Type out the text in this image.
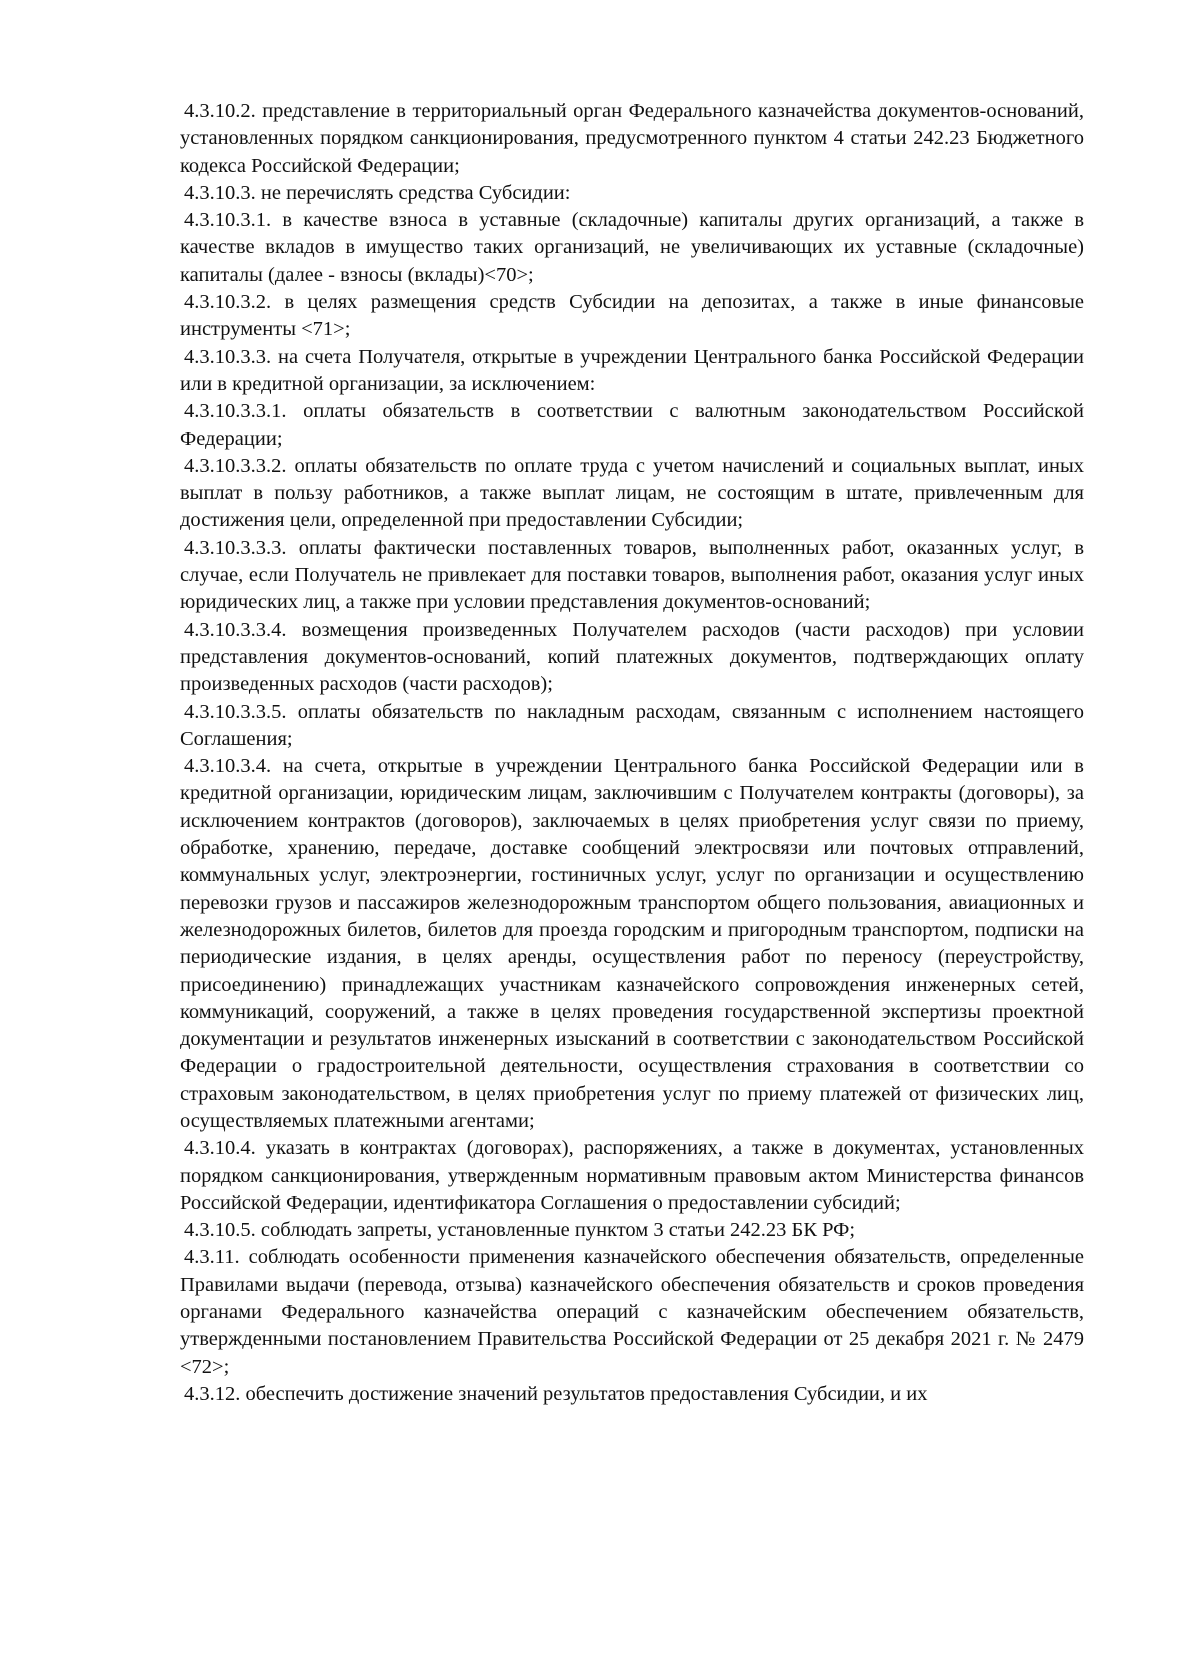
4.3.10.2. представление в территориальный орган Федерального казначейства документов-оснований, установленных порядком санкционирования, предусмотренного пунктом 4 статьи 242.23 Бюджетного кодекса Российской Федерации;

4.3.10.3. не перечислять средства Субсидии:

4.3.10.3.1. в качестве взноса в уставные (складочные) капиталы других организаций, а также в качестве вкладов в имущество таких организаций, не увеличивающих их уставные (складочные) капиталы (далее - взносы (вклады)<70>;

4.3.10.3.2. в целях размещения средств Субсидии на депозитах, а также в иные финансовые инструменты <71>;

4.3.10.3.3. на счета Получателя, открытые в учреждении Центрального банка Российской Федерации или в кредитной организации, за исключением:

4.3.10.3.3.1. оплаты обязательств в соответствии с валютным законодательством Российской Федерации;

4.3.10.3.3.2. оплаты обязательств по оплате труда с учетом начислений и социальных выплат, иных выплат в пользу работников, а также выплат лицам, не состоящим в штате, привлеченным для достижения цели, определенной при предоставлении Субсидии;

4.3.10.3.3.3. оплаты фактически поставленных товаров, выполненных работ, оказанных услуг, в случае, если Получатель не привлекает для поставки товаров, выполнения работ, оказания услуг иных юридических лиц, а также при условии представления документов-оснований;

4.3.10.3.3.4. возмещения произведенных Получателем расходов (части расходов) при условии представления документов-оснований, копий платежных документов, подтверждающих оплату произведенных расходов (части расходов);

4.3.10.3.3.5. оплаты обязательств по накладным расходам, связанным с исполнением настоящего Соглашения;

4.3.10.3.4. на счета, открытые в учреждении Центрального банка Российской Федерации или в кредитной организации, юридическим лицам, заключившим с Получателем контракты (договоры), за исключением контрактов (договоров), заключаемых в целях приобретения услуг связи по приему, обработке, хранению, передаче, доставке сообщений электросвязи или почтовых отправлений, коммунальных услуг, электроэнергии, гостиничных услуг, услуг по организации и осуществлению перевозки грузов и пассажиров железнодорожным транспортом общего пользования, авиационных и железнодорожных билетов, билетов для проезда городским и пригородным транспортом, подписки на периодические издания, в целях аренды, осуществления работ по переносу (переустройству, присоединению) принадлежащих участникам казначейского сопровождения инженерных сетей, коммуникаций, сооружений, а также в целях проведения государственной экспертизы проектной документации и результатов инженерных изысканий в соответствии с законодательством Российской Федерации о градостроительной деятельности, осуществления страхования в соответствии со страховым законодательством, в целях приобретения услуг по приему платежей от физических лиц, осуществляемых платежными агентами;

4.3.10.4. указать в контрактах (договорах), распоряжениях, а также в документах, установленных порядком санкционирования, утвержденным нормативным правовым актом Министерства финансов Российской Федерации, идентификатора Соглашения о предоставлении субсидий;

4.3.10.5. соблюдать запреты, установленные пунктом 3 статьи 242.23 БК РФ;

4.3.11. соблюдать особенности применения казначейского обеспечения обязательств, определенные Правилами выдачи (перевода, отзыва) казначейского обеспечения обязательств и сроков проведения органами Федерального казначейства операций с казначейским обеспечением обязательств, утвержденными постановлением Правительства Российской Федерации от 25 декабря 2021 г. № 2479 <72>;

4.3.12. обеспечить достижение значений результатов предоставления Субсидии, и их
